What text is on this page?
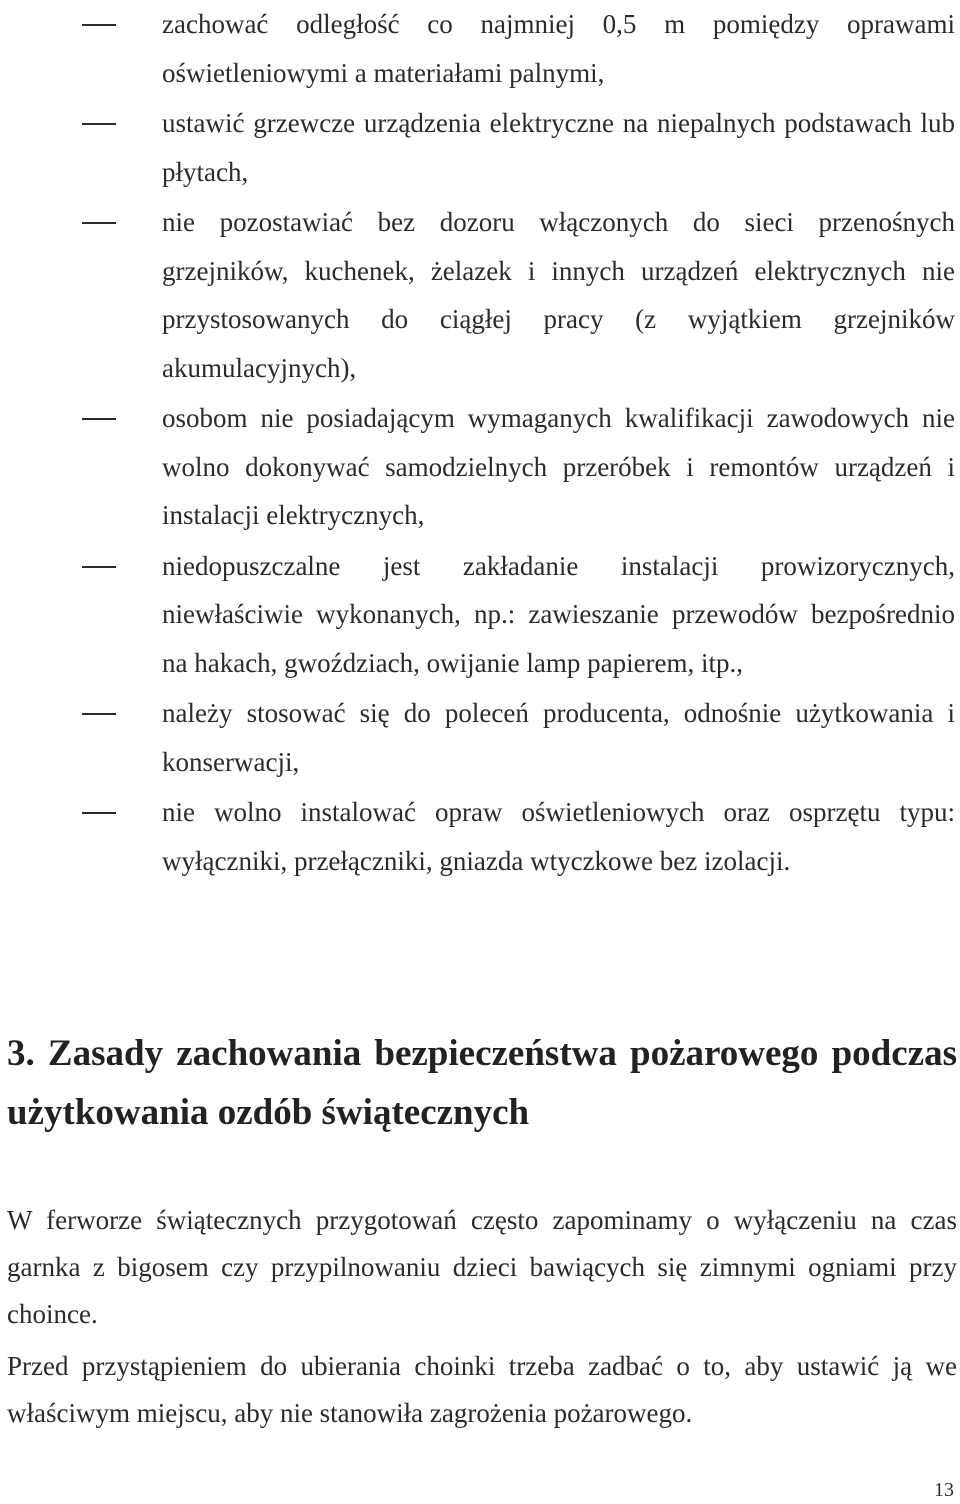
zachować odległość co najmniej 0,5 m pomiędzy oprawami oświetleniowymi a materiałami palnymi,
ustawić grzewcze urządzenia elektryczne na niepalnych podstawach lub płytach,
nie pozostawiać bez dozoru włączonych do sieci przenośnych grzejników, kuchenek, żelazek i innych urządzeń elektrycznych nie przystosowanych do ciągłej pracy (z wyjątkiem grzejników akumulacyjnych),
osobom nie posiadającym wymaganych kwalifikacji zawodowych nie wolno dokonywać samodzielnych przeróbek i remontów urządzeń i instalacji elektrycznych,
niedopuszczalne jest zakładanie instalacji prowizorycznych, niewłaściwie wykonanych, np.: zawieszanie przewodów bezpośrednio na hakach, gwoździach, owijanie lamp papierem, itp.,
należy stosować się do poleceń producenta, odnośnie użytkowania i konserwacji,
nie wolno instalować opraw oświetleniowych oraz osprzętu typu: wyłączniki, przełączniki, gniazda wtyczkowe bez izolacji.
3. Zasady zachowania bezpieczeństwa pożarowego podczas użytkowania ozdób świątecznych

W ferworze świątecznych przygotowań często zapominamy o wyłączeniu na czas garnka z bigosem czy przypilnowaniu dzieci bawiących się zimnymi ogniami przy choince.

Przed przystąpieniem do ubierania choinki trzeba zadbać o to, aby ustawić ją we właściwym miejscu, aby nie stanowiła zagrożenia pożarowego.

13
